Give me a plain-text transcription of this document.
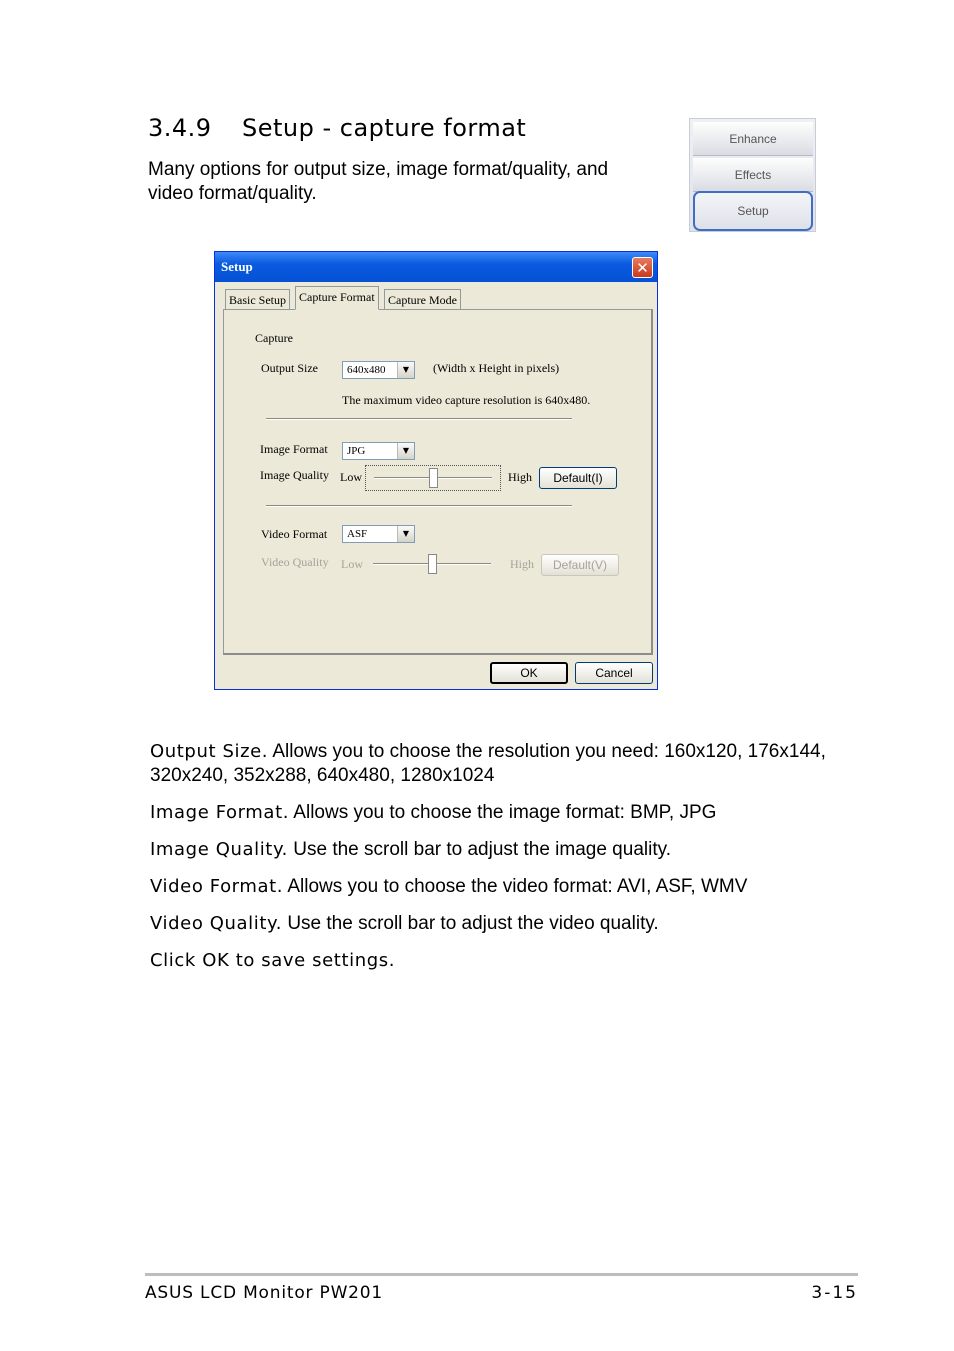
3.4.9 Setup - capture format
Many options for output size, image format/quality, and video format/quality.
Enhance
Effects
Setup
Setup	✕
Basic Setup	Capture Format	Capture Mode
Capture
Output Size	640x480	▼	(Width x Height in pixels)
The maximum video capture resolution is 640x480.
Image Format	JPG	▼
Image Quality Low	High	Default(I)
Video Format	ASF	▼
Video Quality Low	High	Default(V)
OK	Cancel
Output Size. Allows you to choose the resolution you need: 160x120, 176x144, 320x240, 352x288, 640x480, 1280x1024
Image Format. Allows you to choose the image format: BMP, JPG
Image Quality. Use the scroll bar to adjust the image quality.
Video Format. Allows you to choose the video format: AVI, ASF, WMV
Video Quality. Use the scroll bar to adjust the video quality.
Click OK to save settings.
ASUS LCD Monitor PW201	3-15
